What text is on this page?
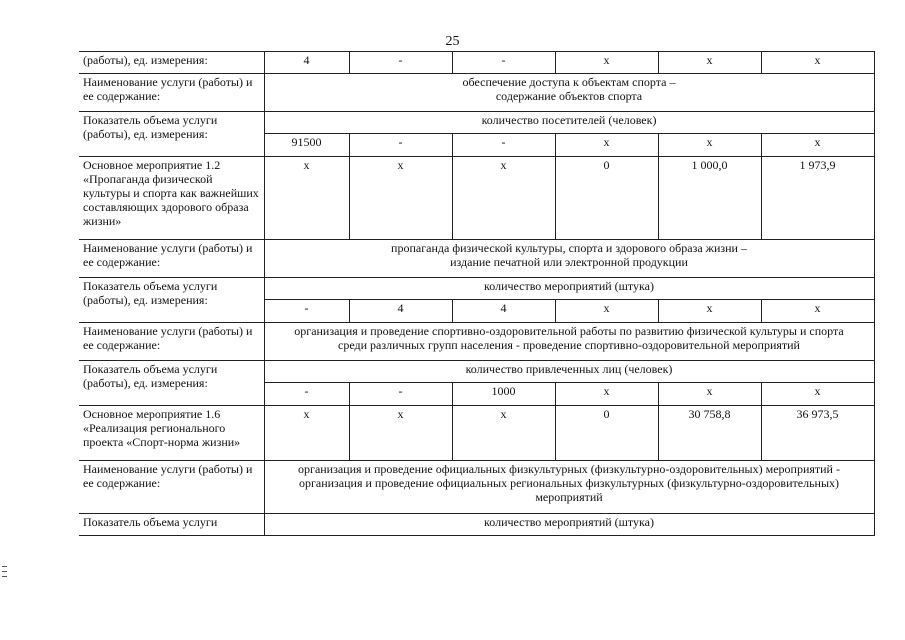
25
(работы), ед. измерения:	4	-	-	х	х	х
Наименование услуги (работы) и ее содержание:	обеспечение доступа к объектам спорта –
содержание объектов спорта					

Показатель объема услуги (работы), ед. измерения:	количество посетителей (человек)					
	91500	-	-	х	х	х
Основное мероприятие 1.2 «Пропаганда физической культуры и спорта как важнейших составляющих здорового образа жизни»	х	х	х	0	1 000,0	1 973,9
Наименование услуги (работы) и ее содержание:	пропаганда физической культуры, спорта и здорового образа жизни –
издание печатной или электронной продукции					

Показатель объема услуги (работы), ед. измерения:	количество мероприятий (штука)					
	-	4	4	х	х	х
Наименование услуги (работы) и ее содержание:	организация и проведение спортивно-оздоровительной работы по развитию физической культуры и спорта
среди различных групп населения - проведение спортивно-оздоровительной мероприятий					

Показатель объема услуги (работы), ед. измерения:	количество привлеченных лиц (человек)					
	-	-	1000	х	х	х
Основное мероприятие 1.6 «Реализация регионального проекта «Спорт-норма жизни»	х	х	х	0	30 758,8	36 973,5
Наименование услуги (работы) и ее содержание:	организация и проведение официальных физкультурных (физкультурно-оздоровительных) мероприятий -
организация и проведение официальных региональных физкультурных (физкультурно-оздоровительных)
мероприятий					

Показатель объема услуги	количество мероприятий (штука)					
